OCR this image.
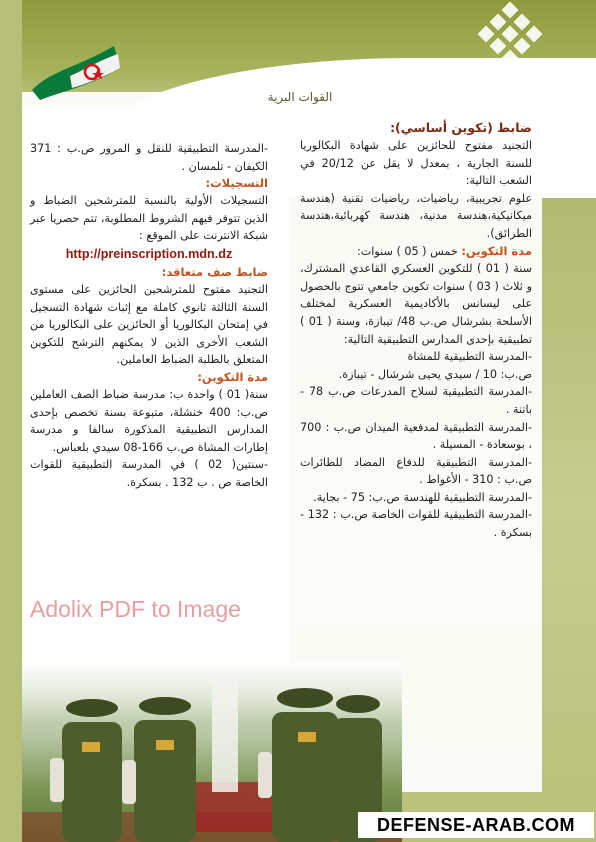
القوات البرية

ضابط (تكوين أساسي):

التجنيد مفتوح للحائزين على شهادة البكالوريا للسنة الجارية ، بمعدل لا يقل عن 20/12 في الشعب التالية:

علوم تجريبية، رياضيات، رياضيات تقنية (هندسة ميكانيكية،هندسة مدنية، هندسة كهربائية،هندسة الطرائق).

مدة التكوين: خمس ( 05 ) سنوات:

سنة ( 01 ) للتكوين العسكري القاعدي المشترك، و ثلاث ( 03 ) سنوات تكوين جامعي تتوج بالحصول على ليسانس بالأكاديمية العسكرية لمختلف الأسلحة بشرشال ص.ب 48/ تيبازة، وسنة ( 01 ) تطبيقية بإحدى المدارس التطبيقية التالية:

-المدرسة التطبيقية للمشاة

ص.ب: 10 / سيدي يحيى شرشال - تيبازة.

-المدرسة التطبيقية لسلاح المدرعات ص.ب 78 - باتنة .

-المدرسة التطبيقية لمدفعية الميدان ص.ب : 700 ، بوسعادة - المسيلة .

-المدرسة التطبيقية للدفاع المضاد للطائرات ص.ب : 310 - الأغواط .

-المدرسة التطبيقية للهندسة ص.ب: 75 - بجاية.

-المدرسة التطبيقية للقوات الخاصة ص.ب : 132 - بسكرة .

-المدرسة التطبيقية للنقل و المرور ص.ب : 371 الكيفان - تلمسان .

التسجيلات:

التسجيلات الأولية بالنسبة للمترشحين الضباط و الذين تتوفر فيهم الشروط المطلوبة، تتم حصريا عبر شبكة الانترنت على الموقع :

http://preinscription.mdn.dz

ضابط صف متعاقد:

التجنيد مفتوح للمترشحين الحائزين على مستوى السنة الثالثة ثانوي كاملة مع إثبات شهادة التسجيل في إمتحان البكالوريا أو الحائزين على البكالوريا من الشعب الأخرى الذين لا يمكنهم الترشح للتكوين المتعلق بالطلبة الضباط العاملين.

مدة التكوين:

سنة( 01 ) واحدة ب: مدرسة ضباط الصف العاملين ص.ب: 400 خنشلة، متبوعة بسنة تخصص بإحدى المدارس التطبيقية المذكورة سالفا و مدرسة إطارات المشاة ص.ب 166-08 سيدي بلعباس.

-سنتين( 02 ) في المدرسة التطبيقية للقوات الخاصة ص . ب 132 . بسكرة.

Adolix PDF to Image
DEFENSE-ARAB.COM
